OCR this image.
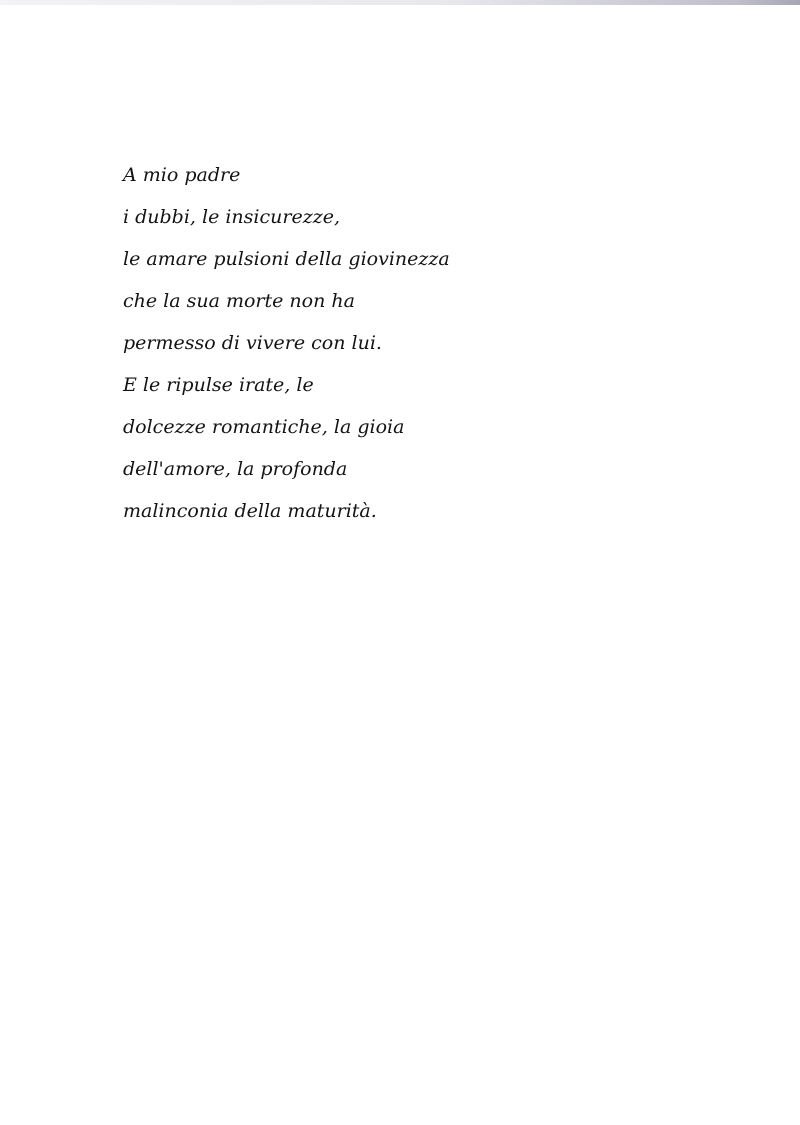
A mio padre
i dubbi, le insicurezze,
le amare pulsioni della giovinezza
che la sua morte non ha
permesso di vivere con lui.
E le ripulse irate, le
dolcezze romantiche, la gioia
dell'amore, la profonda
malinconia della maturità.
